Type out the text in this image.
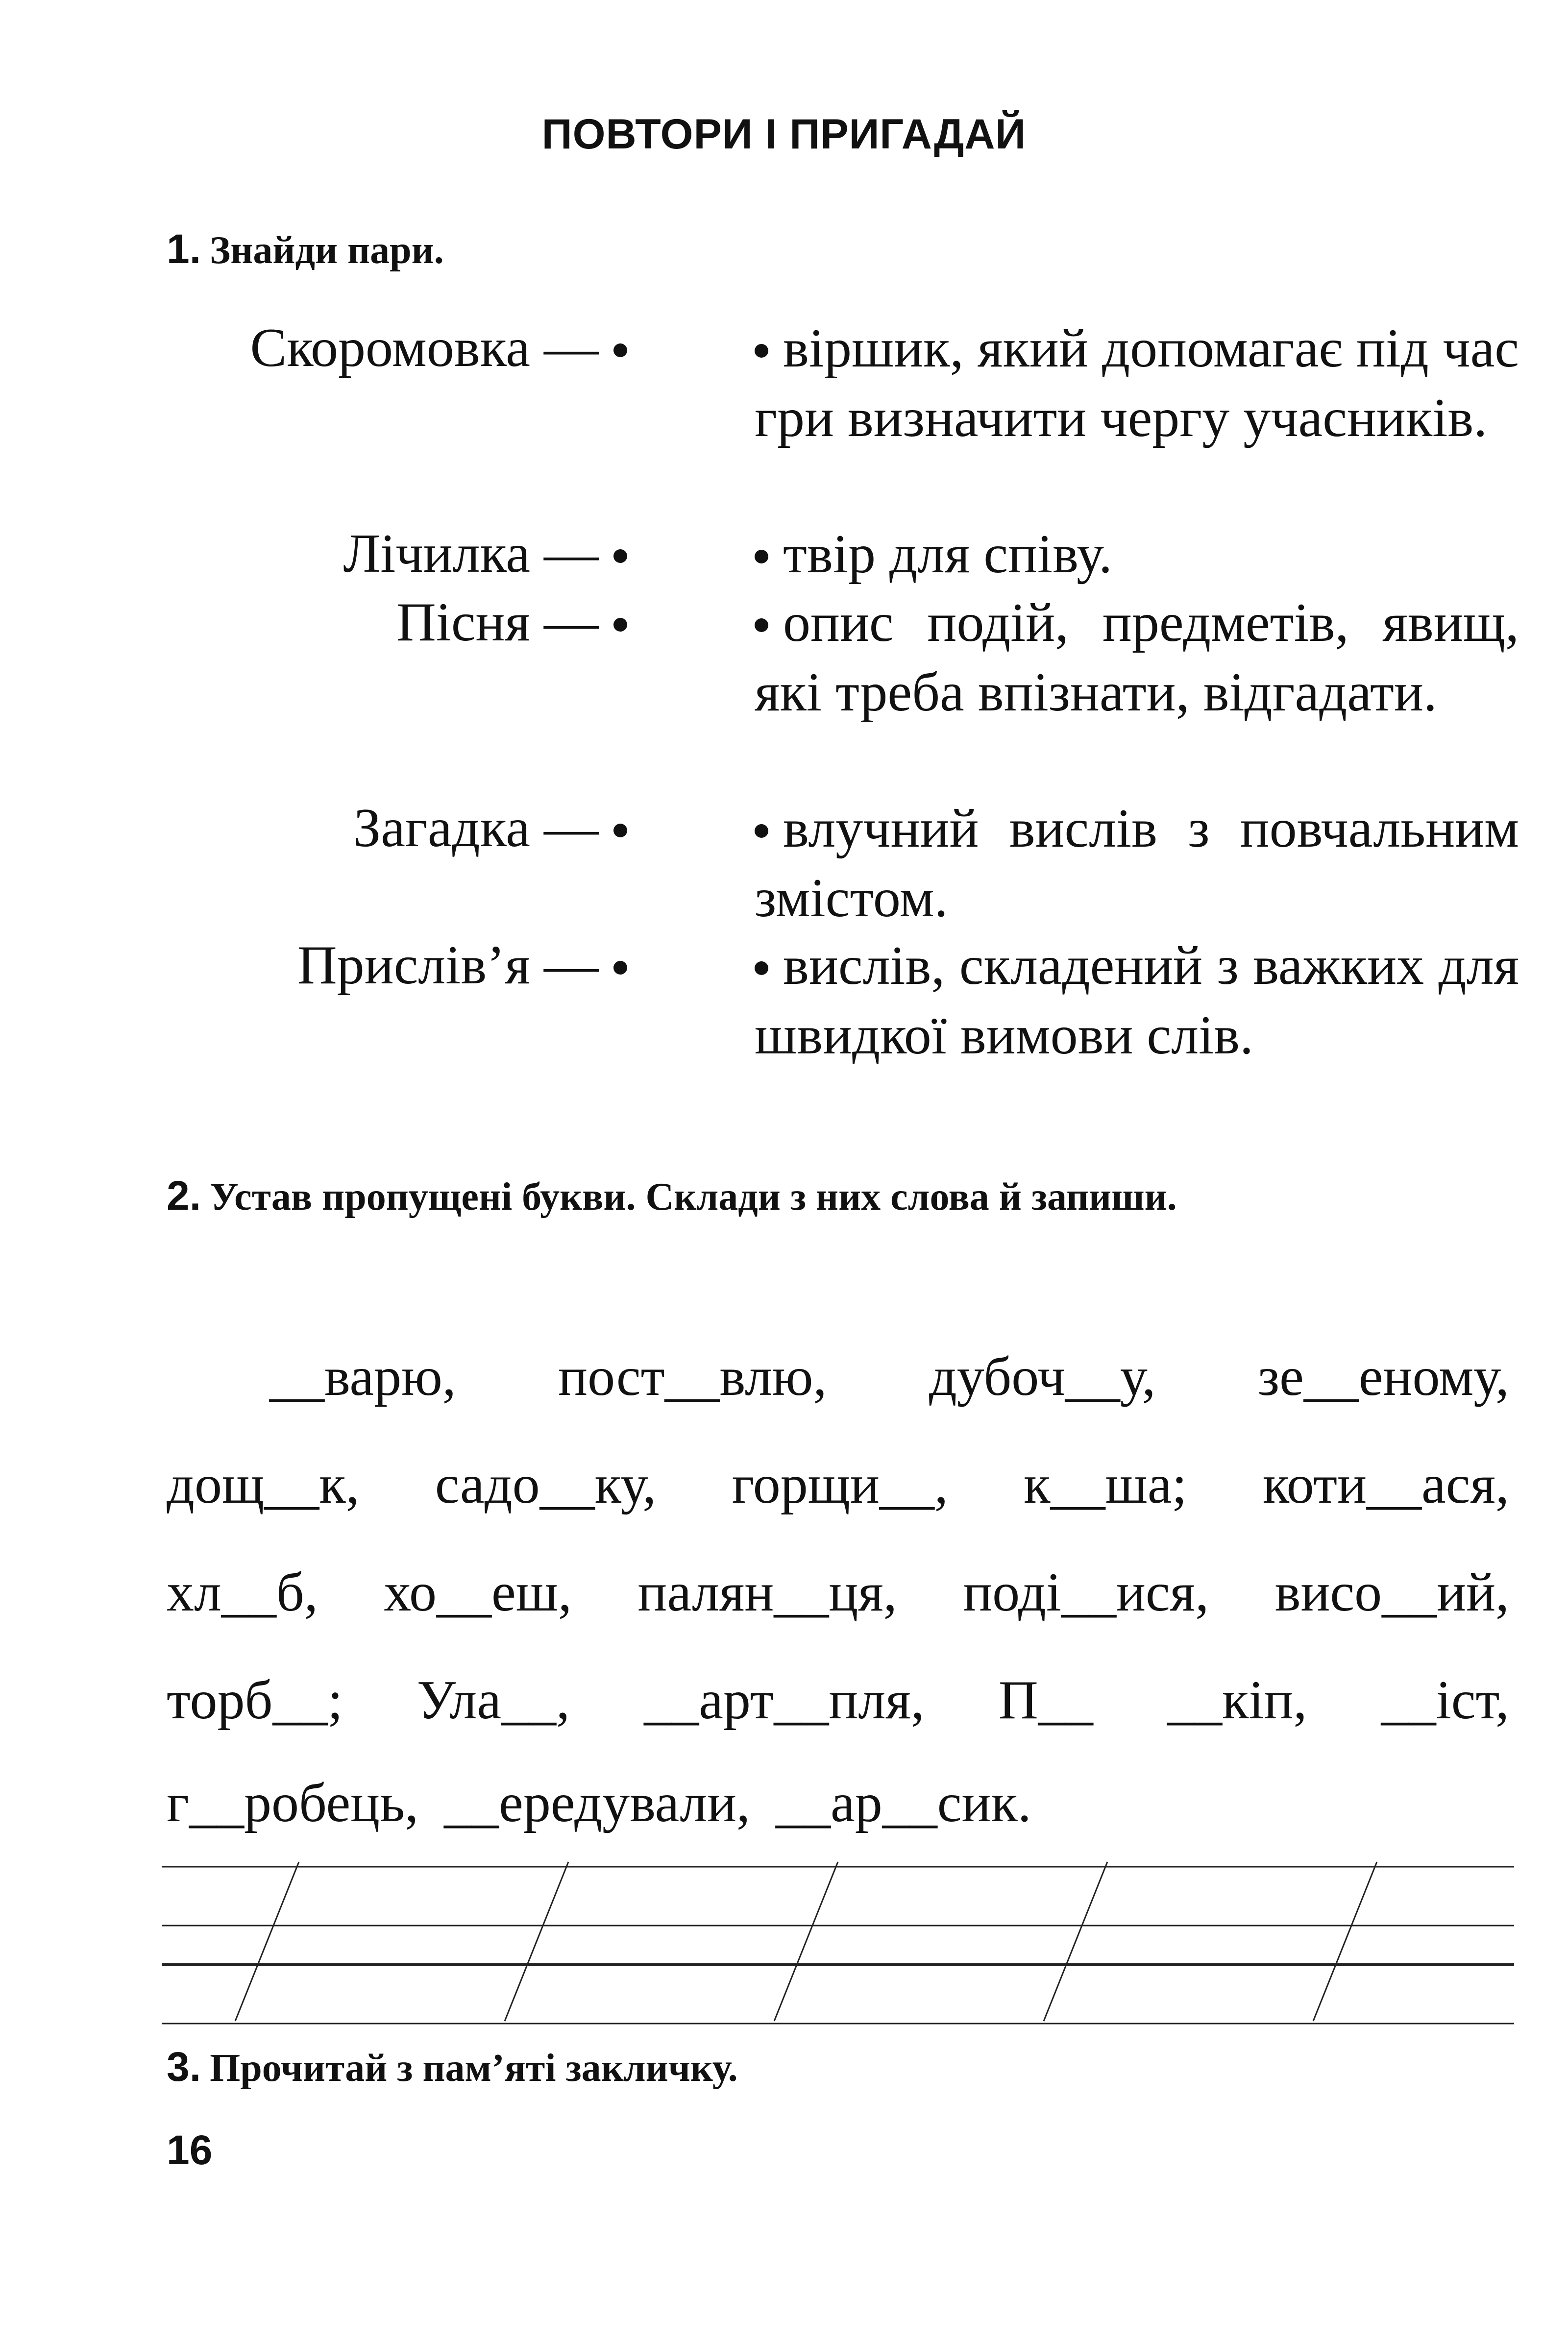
ПОВТОРИ І ПРИГАДАЙ
1. Знайди пари.
Скоромовка —
Лічилка —
Пісня —
Загадка —
Прислів’я —
вiршик, який допомагає пiд час гри визначити чергу учасникiв.
твiр для спiву.
опис подiй, предметiв, явищ, якi треба впiзнати, вiдгадати.
влучний вислiв з повчальним змiстом.
вислiв, складений з важких для швидкої вимови слiв.
2. Устав пропущені букви. Склади з них слова й запиши.
__варю, пост__влю, дубоч__у, зе__еному,
дощ__к, садо__ку, горщи__, к__ша; коти__ася,
хл__б, хо__еш, палян__ця, поді__ися, висо__ий,
торб__; Ула__, __арт__пля, П__ __кіп, __іст,
г__робець, __ередували, __ар__сик.
3. Прочитай з пам’яті закличку.
16
